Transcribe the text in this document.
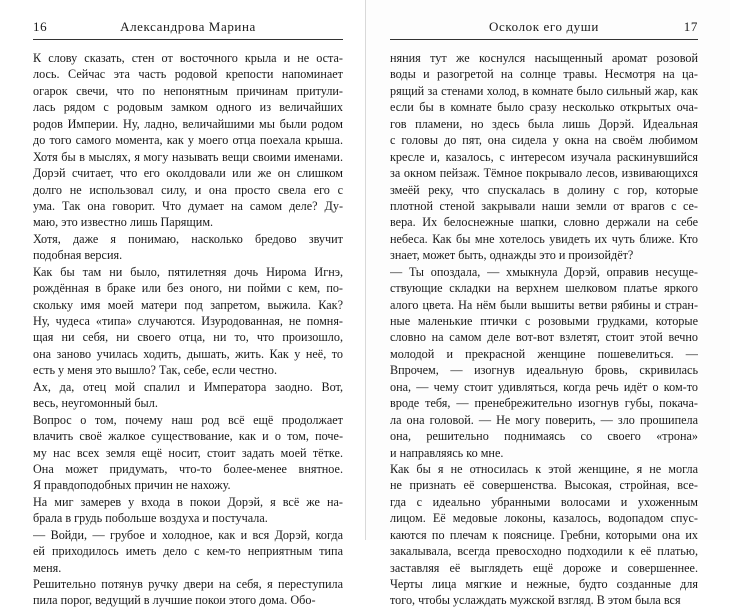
16	Александрова Марина
К слову сказать, стен от восточного крыла и не оста-
лось. Сейчас эта часть родовой крепости напоминает
огарок свечи, что по непонятным причинам притули-
лась рядом с родовым замком одного из величайших
родов Империи. Ну, ладно, величайшими мы были родом
до того самого момента, как у моего отца поехала крыша.
Хотя бы в мыслях, я могу называть вещи своими именами.
Дорэй считает, что его околдовали или же он слишком
долго не использовал силу, и она просто свела его с
ума. Так она говорит. Что думает на самом деле? Ду-
маю, это известно лишь Парящим.
Хотя, даже я понимаю, насколько бредово звучит
подобная версия.
Как бы там ни было, пятилетняя дочь Нирома Игнэ,
рождённая в браке или без оного, ни пойми с кем, по-
скольку имя моей матери под запретом, выжила. Как?
Ну, чудеса «типа» случаются. Изуродованная, не помня-
щая ни себя, ни своего отца, ни то, что произошло,
она заново училась ходить, дышать, жить. Как у неё, то
есть у меня это вышло? Так, себе, если честно.
Ах, да, отец мой спалил и Императора заодно. Вот,
весь, неугомонный был.
Вопрос о том, почему наш род всё ещё продолжает
влачить своё жалкое существование, как и о том, поче-
му нас всех земля ещё носит, стоит задать моей тётке.
Она может придумать, что-то более-менее внятное.
Я правдоподобных причин не нахожу.
На миг замерев у входа в покои Дорэй, я всё же на-
брала в грудь побольше воздуха и постучала.
— Войди, — грубое и холодное, как и вся Дорэй, когда
ей приходилось иметь дело с кем-то неприятным типа
меня.
Решительно потянув ручку двери на себя, я переступила
пила порог, ведущий в лучшие покои этого дома. Обо-
Осколок его души	17
няния тут же коснулся насыщенный аромат розовой
воды и разогретой на солнце травы. Несмотря на ца-
рящий за стенами холод, в комнате было сильный жар, как
если бы в комнате было сразу несколько открытых оча-
гов пламени, но здесь была лишь Дорэй. Идеальная
с головы до пят, она сидела у окна на своём любимом
кресле и, казалось, с интересом изучала раскинувшийся
за окном пейзаж. Тёмное покрывало лесов, извивающихся
змеёй реку, что спускалась в долину с гор, которые
плотной стеной закрывали наши земли от врагов с се-
вера. Их белоснежные шапки, словно держали на себе
небеса. Как бы мне хотелось увидеть их чуть ближе. Кто
знает, может быть, однажды это и произойдёт?
— Ты опоздала, — хмыкнула Дорэй, оправив несуще-
ствующие складки на верхнем шелковом платье яркого
алого цвета. На нём были вышиты ветви рябины и стран-
ные маленькие птички с розовыми грудками, которые
словно на самом деле вот-вот взлетят, стоит этой вечно
молодой и прекрасной женщине пошевелиться. —
Впрочем, — изогнув идеальную бровь, скривилась
она, — чему стоит удивляться, когда речь идёт о ком-то
вроде тебя, — пренебрежительно изогнув губы, покача-
ла она головой. — Не могу поверить, — зло прошипела
она, решительно поднимаясь со своего «трона»
и направляясь ко мне.
Как бы я не относилась к этой женщине, я не могла
не признать её совершенства. Высокая, стройная, все-
гда с идеально убранными волосами и ухоженным
лицом. Её медовые локоны, казалось, водопадом спус-
каются по плечам к пояснице. Гребни, которыми она их
закалывала, всегда превосходно подходили к её платью,
заставляя её выглядеть ещё дороже и совершеннее.
Черты лица мягкие и нежные, будто созданные для
того, чтобы услаждать мужской взгляд. В этом была вся
